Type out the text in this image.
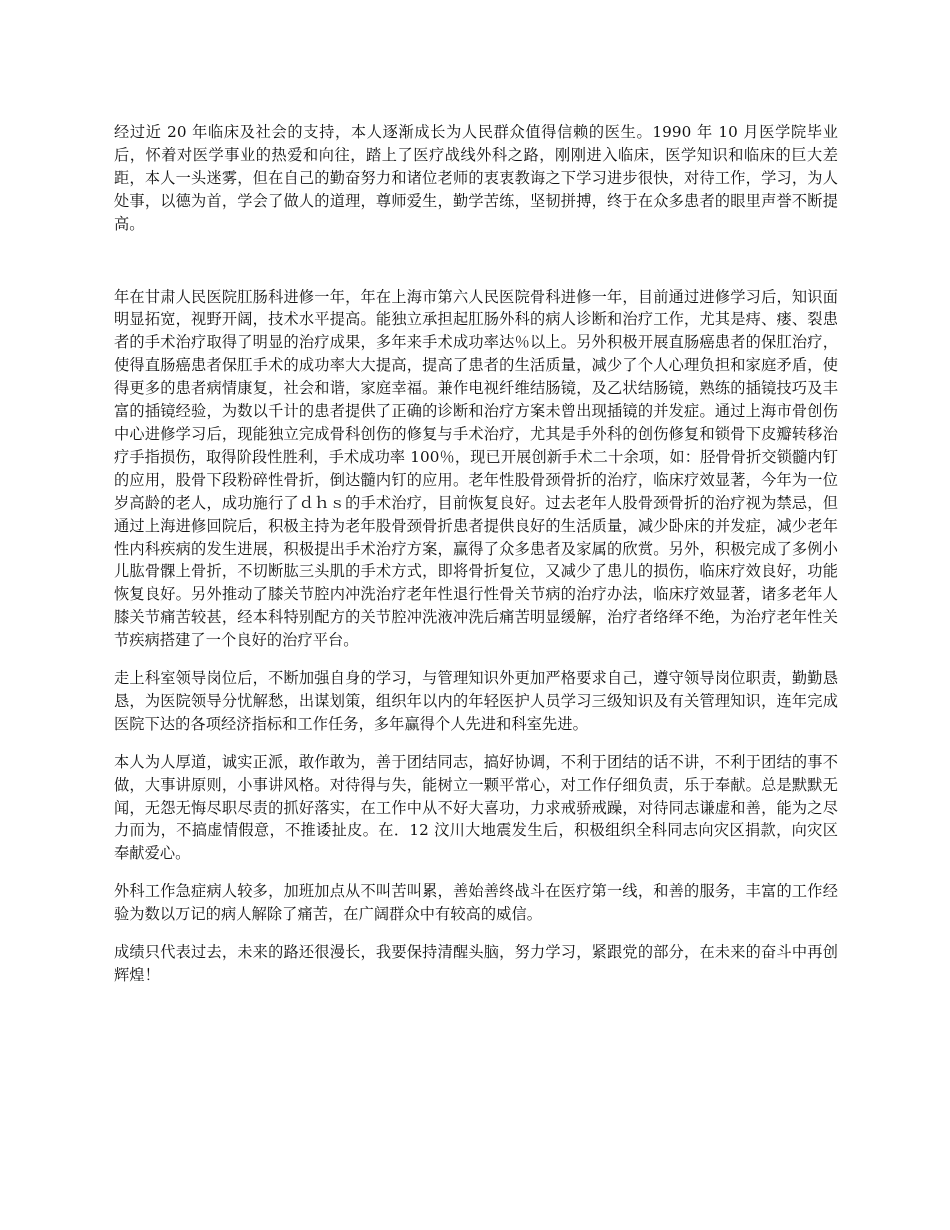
经过近 20 年临床及社会的支持，本人逐渐成长为人民群众值得信赖的医生。1990 年 10 月医学院毕业后，怀着对医学事业的热爱和向往，踏上了医疗战线外科之路，刚刚进入临床，医学知识和临床的巨大差距，本人一头迷雾，但在自己的勤奋努力和诸位老师的衷衷教诲之下学习进步很快，对待工作，学习，为人处事，以德为首，学会了做人的道理，尊师爱生，勤学苦练，坚韧拼搏，终于在众多患者的眼里声誉不断提高。

年在甘肃人民医院肛肠科进修一年，年在上海市第六人民医院骨科进修一年，目前通过进修学习后，知识面明显拓宽，视野开阔，技术水平提高。能独立承担起肛肠外科的病人诊断和治疗工作，尤其是痔、瘘、裂患者的手术治疗取得了明显的治疗成果，多年来手术成功率达％以上。另外积极开展直肠癌患者的保肛治疗，使得直肠癌患者保肛手术的成功率大大提高，提高了患者的生活质量，减少了个人心理负担和家庭矛盾，使得更多的患者病情康复，社会和谐，家庭幸福。兼作电视纤维结肠镜，及乙状结肠镜，熟练的插镜技巧及丰富的插镜经验，为数以千计的患者提供了正确的诊断和治疗方案未曾出现插镜的并发症。通过上海市骨创伤中心进修学习后，现能独立完成骨科创伤的修复与手术治疗，尤其是手外科的创伤修复和锁骨下皮瓣转移治疗手指损伤，取得阶段性胜利，手术成功率 100％，现已开展创新手术二十余项，如：胫骨骨折交锁髓内钉的应用，股骨下段粉碎性骨折，倒达髓内钉的应用。老年性股骨颈骨折的治疗，临床疗效显著，今年为一位岁高龄的老人，成功施行了ｄｈｓ的手术治疗，目前恢复良好。过去老年人股骨颈骨折的治疗视为禁忌，但通过上海进修回院后，积极主持为老年股骨颈骨折患者提供良好的生活质量，减少卧床的并发症，减少老年性内科疾病的发生进展，积极提出手术治疗方案，赢得了众多患者及家属的欣赏。另外，积极完成了多例小儿肱骨髁上骨折，不切断肱三头肌的手术方式，即将骨折复位，又减少了患儿的损伤，临床疗效良好，功能恢复良好。另外推动了膝关节腔内冲洗治疗老年性退行性骨关节病的治疗办法，临床疗效显著，诸多老年人膝关节痛苦较甚，经本科特别配方的关节腔冲洗液冲洗后痛苦明显缓解，治疗者络绎不绝，为治疗老年性关节疾病搭建了一个良好的治疗平台。

走上科室领导岗位后，不断加强自身的学习，与管理知识外更加严格要求自己，遵守领导岗位职责，勤勤恳恳，为医院领导分忧解愁，出谋划策，组织年以内的年轻医护人员学习三级知识及有关管理知识，连年完成医院下达的各项经济指标和工作任务，多年赢得个人先进和科室先进。

本人为人厚道，诚实正派，敢作敢为，善于团结同志，搞好协调，不利于团结的话不讲，不利于团结的事不做，大事讲原则，小事讲风格。对待得与失，能树立一颗平常心，对工作仔细负责，乐于奉献。总是默默无闻，无怨无悔尽职尽责的抓好落实，在工作中从不好大喜功，力求戒骄戒躁，对待同志谦虚和善，能为之尽力而为，不搞虚情假意，不推诿扯皮。在．12 汶川大地震发生后，积极组织全科同志向灾区捐款，向灾区奉献爱心。

外科工作急症病人较多，加班加点从不叫苦叫累，善始善终战斗在医疗第一线，和善的服务，丰富的工作经验为数以万记的病人解除了痛苦，在广阔群众中有较高的威信。

成绩只代表过去，未来的路还很漫长，我要保持清醒头脑，努力学习，紧跟党的部分，在未来的奋斗中再创辉煌！
